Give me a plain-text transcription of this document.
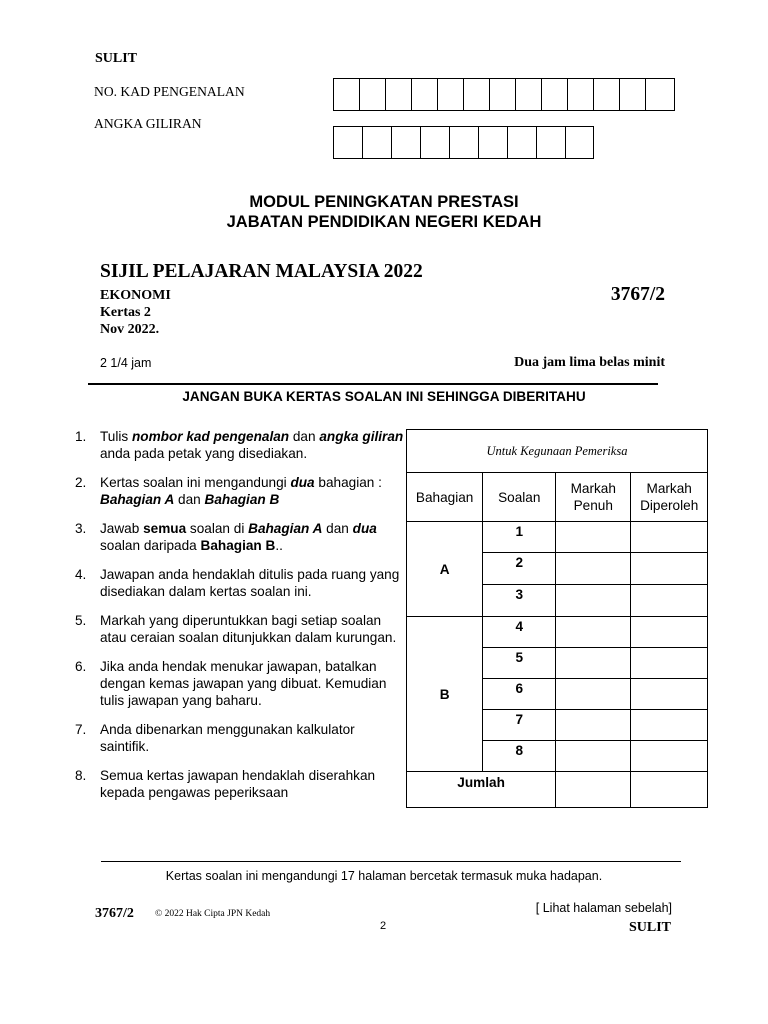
SULIT
NO. KAD PENGENALAN
ANGKA GILIRAN
MODUL PENINGKATAN PRESTASI
JABATAN PENDIDIKAN NEGERI KEDAH
SIJIL PELAJARAN MALAYSIA 2022
EKONOMI
Kertas 2
Nov 2022.
3767/2
2 1/4 jam	Dua jam lima belas minit
JANGAN BUKA KERTAS SOALAN INI SEHINGGA DIBERITAHU
1. Tulis nombor kad pengenalan dan angka giliran anda pada petak yang disediakan.
2. Kertas soalan ini mengandungi dua bahagian : Bahagian A dan Bahagian B
3. Jawab semua soalan di Bahagian A dan dua soalan daripada Bahagian B..
4. Jawapan anda hendaklah ditulis pada ruang yang disediakan dalam kertas soalan ini.
5. Markah yang diperuntukkan bagi setiap soalan atau ceraian soalan ditunjukkan dalam kurungan.
6. Jika anda hendak menukar jawapan, batalkan dengan kemas jawapan yang dibuat. Kemudian tulis jawapan yang baharu.
7. Anda dibenarkan menggunakan kalkulator saintifik.
8. Semua kertas jawapan hendaklah diserahkan kepada pengawas peperiksaan
Untuk Kegunaan Pemeriksa			
Bahagian	Soalan	Markah Penuh	Markah Diperoleh
A	1		
	2		
	3		
B	4		
	5		
	6		
	7		
	8		
Jumlah			
Kertas soalan ini mengandungi 17 halaman bercetak termasuk muka hadapan.
3767/2 © 2022 Hak Cipta JPN Kedah	[ Lihat halaman sebelah]
2	SULIT
